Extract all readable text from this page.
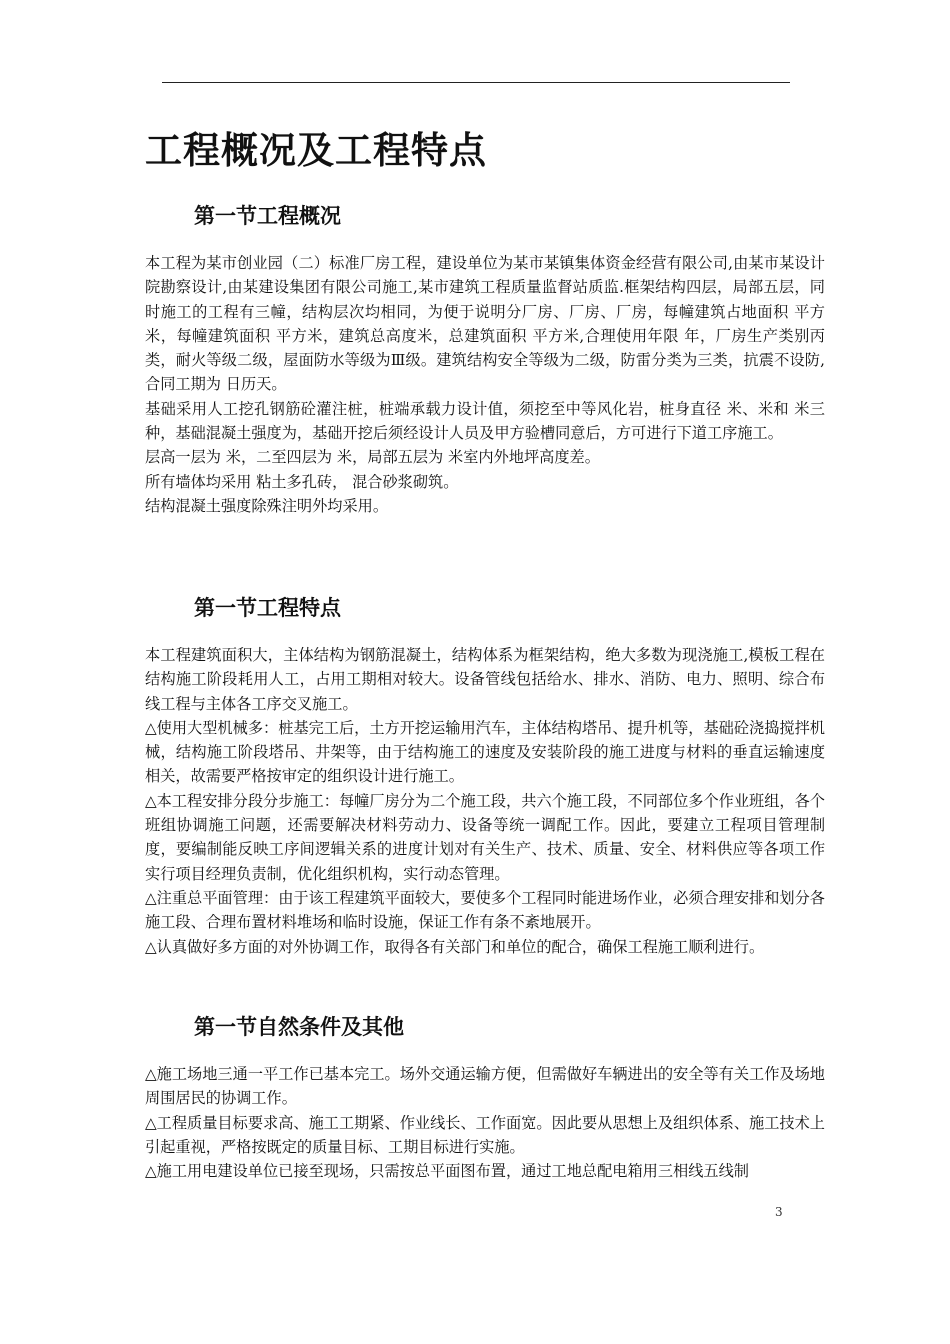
工程概况及工程特点
第一节工程概况

本工程为某市创业园（二）标准厂房工程，建设单位为某市某镇集体资金经营有限公司,由某市某设计院勘察设计,由某建设集团有限公司施工,某市建筑工程质量监督站质监.框架结构四层，局部五层，同时施工的工程有三幢，结构层次均相同，为便于说明分厂房、厂房、厂房，每幢建筑占地面积 平方米，每幢建筑面积 平方米，建筑总高度米，总建筑面积 平方米,合理使用年限 年，厂房生产类别丙类，耐火等级二级，屋面防水等级为Ⅲ级。建筑结构安全等级为二级，防雷分类为三类，抗震不设防,合同工期为 日历天。

基础采用人工挖孔钢筋砼灌注桩，桩端承载力设计值，须挖至中等风化岩，桩身直径 米、米和 米三种，基础混凝土强度为，基础开挖后须经设计人员及甲方验槽同意后，方可进行下道工序施工。

层高一层为 米，二至四层为 米，局部五层为 米室内外地坪高度差。

所有墙体均采用 粘土多孔砖， 混合砂浆砌筑。

结构混凝土强度除殊注明外均采用。

第一节工程特点

本工程建筑面积大，主体结构为钢筋混凝土，结构体系为框架结构，绝大多数为现浇施工,模板工程在结构施工阶段耗用人工，占用工期相对较大。设备管线包括给水、排水、消防、电力、照明、综合布线工程与主体各工序交叉施工。

△使用大型机械多：桩基完工后，土方开挖运输用汽车，主体结构塔吊、提升机等，基础砼浇捣搅拌机械，结构施工阶段塔吊、井架等，由于结构施工的速度及安装阶段的施工进度与材料的垂直运输速度相关，故需要严格按审定的组织设计进行施工。

△本工程安排分段分步施工：每幢厂房分为二个施工段，共六个施工段，不同部位多个作业班组，各个班组协调施工问题，还需要解决材料劳动力、设备等统一调配工作。因此，要建立工程项目管理制度，要编制能反映工序间逻辑关系的进度计划对有关生产、技术、质量、安全、材料供应等各项工作实行项目经理负责制，优化组织机构，实行动态管理。

△注重总平面管理：由于该工程建筑平面较大，要使多个工程同时能进场作业，必须合理安排和划分各施工段、合理布置材料堆场和临时设施，保证工作有条不紊地展开。

△认真做好多方面的对外协调工作，取得各有关部门和单位的配合，确保工程施工顺利进行。

第一节自然条件及其他

△施工场地三通一平工作已基本完工。场外交通运输方便，但需做好车辆进出的安全等有关工作及场地周围居民的协调工作。

△工程质量目标要求高、施工工期紧、作业线长、工作面宽。因此要从思想上及组织体系、施工技术上引起重视，严格按既定的质量目标、工期目标进行实施。

△施工用电建设单位已接至现场，只需按总平面图布置，通过工地总配电箱用三相线五线制

3
